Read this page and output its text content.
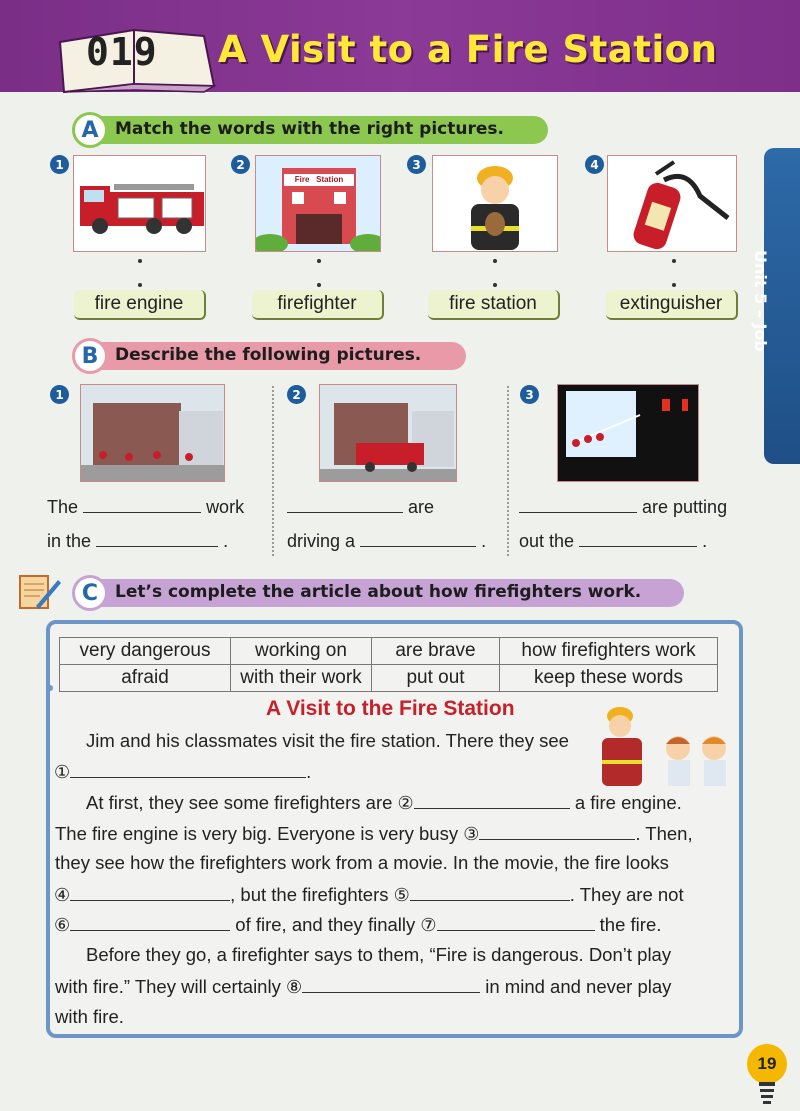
019 A Visit to a Fire Station
Unit 5 – Job
A Match the words with the right pictures.
1	2	3	4
Fire   Station
fire engine	firefighter	fire station	extinguisher
B Describe the following pictures.
1	2	3
The	work
in the	.
are
driving a	.
are putting
out the	.
C Let’s complete the article about how firefighters work.
very dangerous	working on	are brave	how firefighters work
afraid	with their work	put out	keep these words
A Visit to the Fire Station
Jim and his classmates visit the fire station. There they see
①	.
At first, they see some firefighters are ②	a fire engine.
The fire engine is very big. Everyone is very busy ③	. Then,
they see how the firefighters work from a movie. In the movie, the fire looks
④	, but the firefighters ⑤	. They are not
⑥	of fire, and they finally ⑦	the fire.
Before they go, a firefighter says to them, “Fire is dangerous. Don’t play
with fire.” They will certainly ⑧	in mind and never play
with fire.
19
